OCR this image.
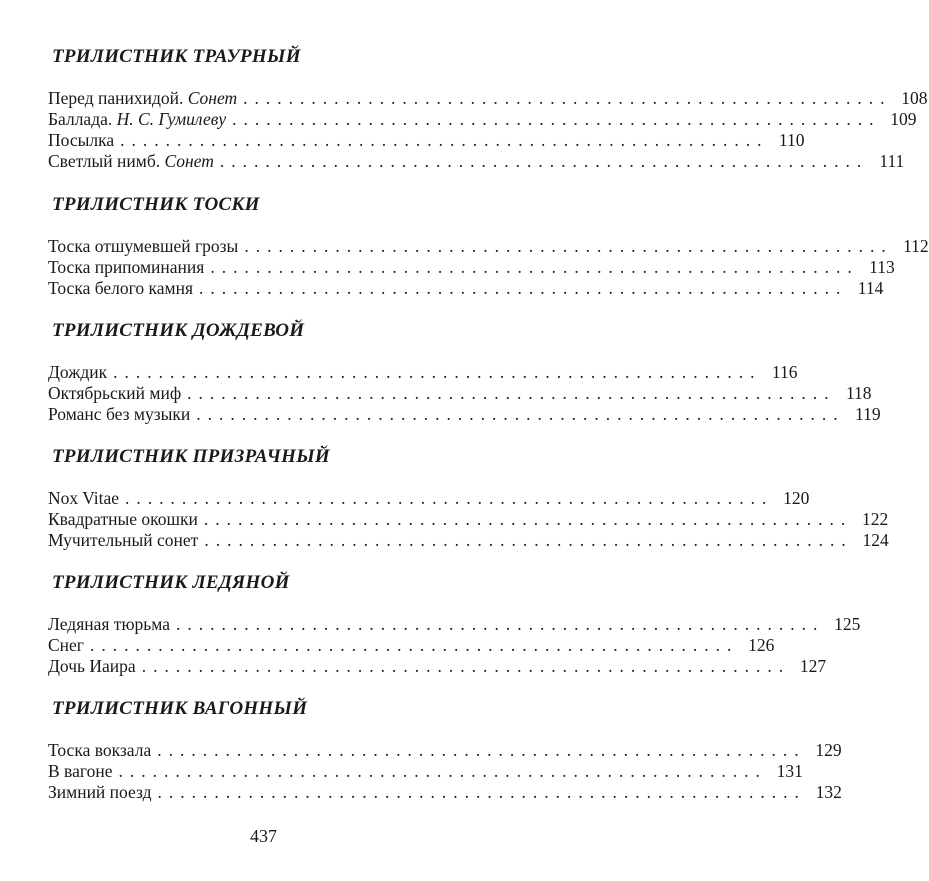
ТРИЛИСТНИК ТРАУРНЫЙ
Перед панихидой. Сонет ......................................................... 108
Баллада. Н. С. Гумилеву ......................................................... 109
Посылка ......................................................... 110
Светлый нимб. Сонет ......................................................... 111
ТРИЛИСТНИК ТОСКИ
Тоска отшумевшей грозы ......................................................... 112
Тоска припоминания ......................................................... 113
Тоска белого камня ......................................................... 114
ТРИЛИСТНИК ДОЖДЕВОЙ
Дождик ......................................................... 116
Октябрьский миф ......................................................... 118
Романс без музыки ......................................................... 119
ТРИЛИСТНИК ПРИЗРАЧНЫЙ
Nox Vitae ......................................................... 120
Квадратные окошки ......................................................... 122
Мучительный сонет ......................................................... 124
ТРИЛИСТНИК ЛЕДЯНОЙ
Ледяная тюрьма ......................................................... 125
Снег ......................................................... 126
Дочь Иаира ......................................................... 127
ТРИЛИСТНИК ВАГОННЫЙ
Тоска вокзала ......................................................... 129
В вагоне ......................................................... 131
Зимний поезд ......................................................... 132
437
